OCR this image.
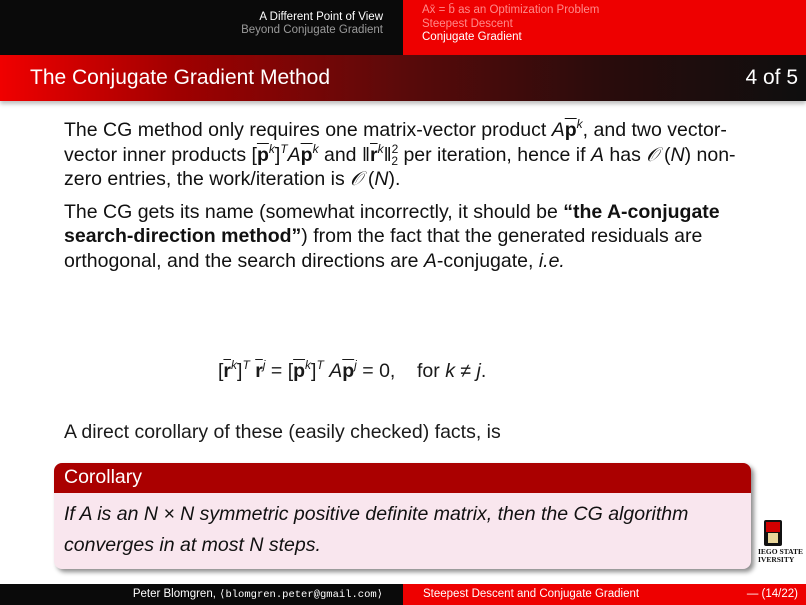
A Different Point of View
Beyond Conjugate Gradient
Ax̄ = b̄ as an Optimization Problem
Steepest Descent
Conjugate Gradient
The Conjugate Gradient Method	4 of 5

The CG method only requires one matrix-vector product $A\overline{p}^k$, and two vector-vector inner products $[\overline{p}^k]^TA\overline{p}^k$ and $‖\overline{r}^k‖^2_2$ per iteration, hence if A has 𝒪 (N) non-zero entries, the work/iteration is 𝒪 (N).

The CG gets its name (somewhat incorrectly, it should be “the A-conjugate search-direction method”) from the fact that the generated residuals are orthogonal, and the search directions are A-conjugate, i.e.

$[\overline{r}^k]^T$ $\overline{r}^j = [\overline{p}^k]^T$ $A\overline{p}^j = 0$,    for k ≠ j.
A direct corollary of these (easily checked) facts, is
Corollary
If A is an N × N symmetric positive definite matrix, then the CG algorithm converges in at most N steps.	IEGO STATE
IVERSITY
Peter Blomgren, ⟨blomgren.peter@gmail.com⟩	Steepest Descent and Conjugate Gradient	— (14/22)
